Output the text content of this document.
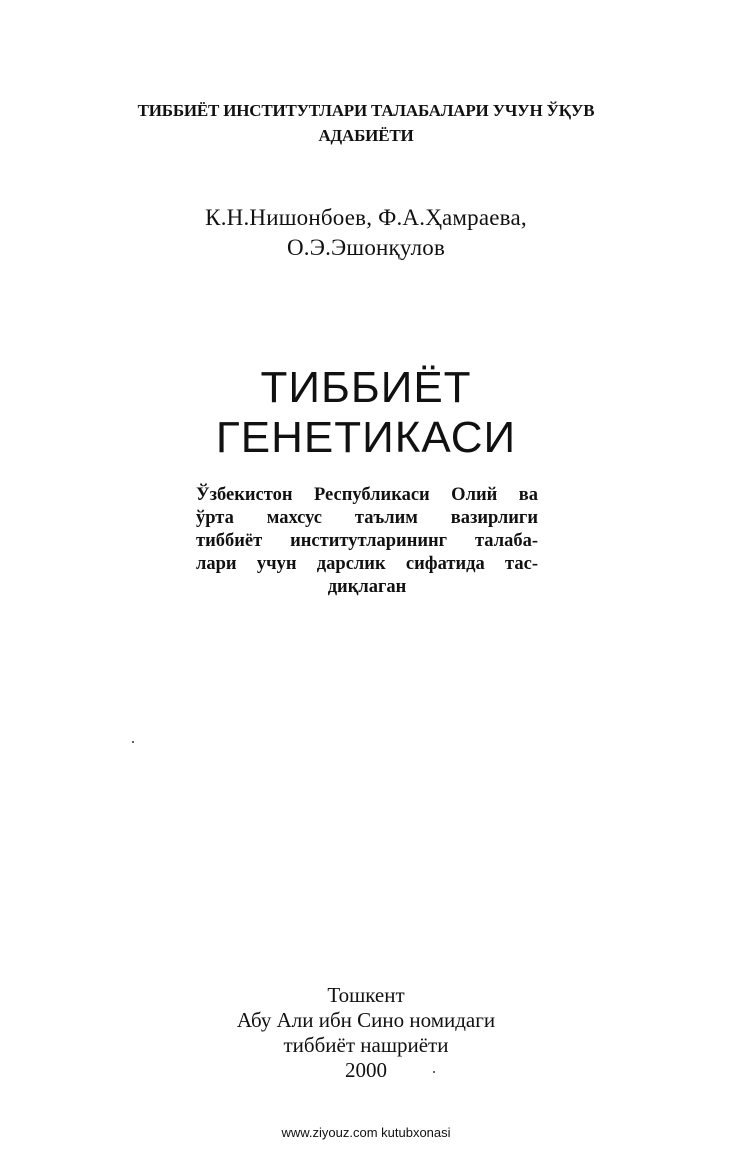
ТИББИЁТ ИНСТИТУТЛАРИ ТАЛАБАЛАРИ УЧУН ЎҚУВ
АДАБИЁТИ
К.Н.Нишонбоев, Ф.А.Ҳамраева,
О.Э.Эшонқулов
ТИББИЁТ
ГЕНЕТИКАСИ
Ўзбекистон Республикаси Олий ва
ўрта махсус таълим вазирлиги
тиббиёт институтларининг талаба-
лари учун дарслик сифатида тас-
диқлаган
Тошкент
Абу Али ибн Сино номидаги
тиббиёт нашриёти
2000
www.ziyouz.com kutubxonasi
